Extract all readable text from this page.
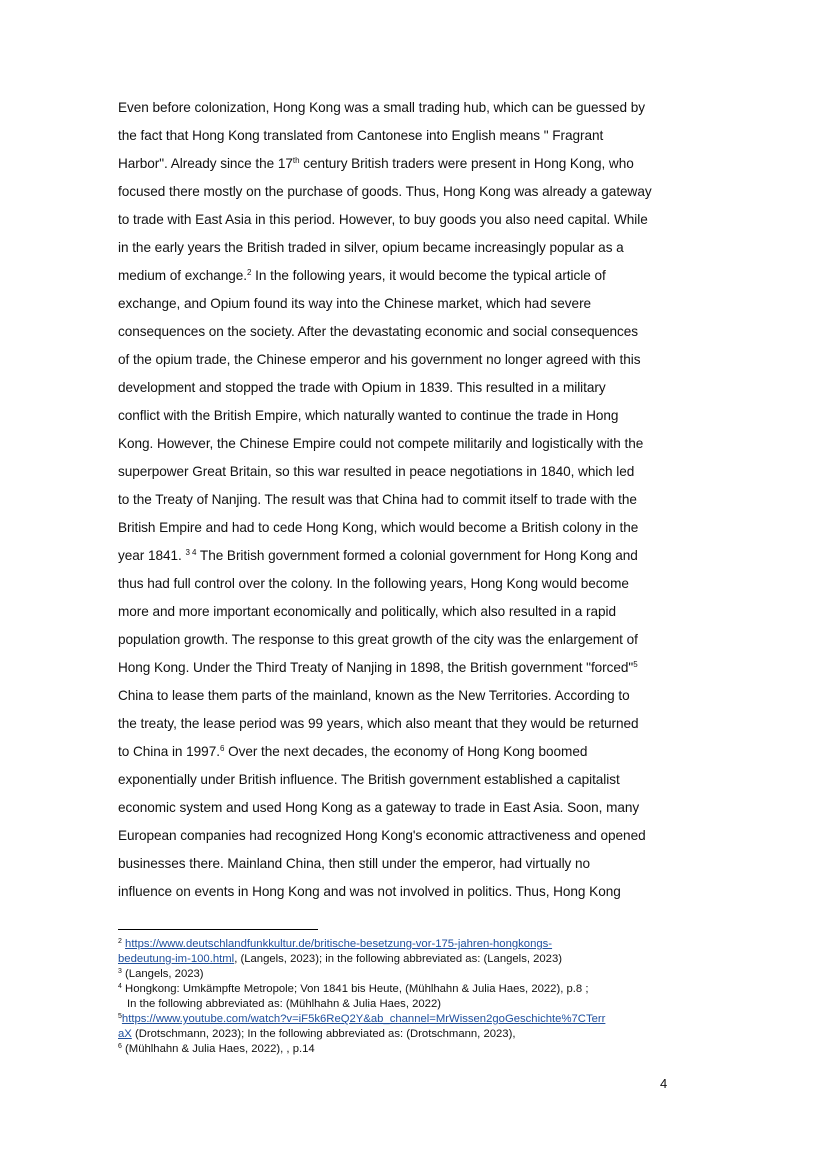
Even before colonization, Hong Kong was a small trading hub, which can be guessed by
the fact that Hong Kong translated from Cantonese into English means " Fragrant
Harbor". Already since the 17th century British traders were present in Hong Kong, who
focused there mostly on the purchase of goods. Thus, Hong Kong was already a gateway
to trade with East Asia in this period. However, to buy goods you also need capital. While
in the early years the British traded in silver, opium became increasingly popular as a
medium of exchange.$^2$ In the following years, it would become the typical article of
exchange, and Opium found its way into the Chinese market, which had severe
consequences on the society. After the devastating economic and social consequences
of the opium trade, the Chinese emperor and his government no longer agreed with this
development and stopped the trade with Opium in 1839. This resulted in a military
conflict with the British Empire, which naturally wanted to continue the trade in Hong
Kong. However, the Chinese Empire could not compete militarily and logistically with the
superpower Great Britain, so this war resulted in peace negotiations in 1840, which led
to the Treaty of Nanjing. The result was that China had to commit itself to trade with the
British Empire and had to cede Hong Kong, which would become a British colony in the
year 1841. $^{3 4}$ The British government formed a colonial government for Hong Kong and
thus had full control over the colony. In the following years, Hong Kong would become
more and more important economically and politically, which also resulted in a rapid
population growth. The response to this great growth of the city was the enlargement of
Hong Kong. Under the Third Treaty of Nanjing in 1898, the British government "forced"$^5$
China to lease them parts of the mainland, known as the New Territories. According to
the treaty, the lease period was 99 years, which also meant that they would be returned
to China in 1997.$^6$ Over the next decades, the economy of Hong Kong boomed
exponentially under British influence. The British government established a capitalist
economic system and used Hong Kong as a gateway to trade in East Asia. Soon, many
European companies had recognized Hong Kong's economic attractiveness and opened
businesses there. Mainland China, then still under the emperor, had virtually no
influence on events in Hong Kong and was not involved in politics. Thus, Hong Kong
$^2$ https://www.deutschlandfunkkultur.de/britische-besetzung-vor-175-jahren-hongkongs-
bedeutung-im-100.html, (Langels, 2023); in the following abbreviated as: (Langels, 2023)
$^3$ (Langels, 2023)
$^4$ Hongkong: Umkämpfte Metropole; Von 1841 bis Heute, (Mühlhahn & Julia Haes, 2022), p.8 ;
In the following abbreviated as: (Mühlhahn & Julia Haes, 2022)
$^5$https://www.youtube.com/watch?v=iF5k6ReQ2Y&ab_channel=MrWissen2goGeschichte%7CTerr
aX (Drotschmann, 2023); In the following abbreviated as: (Drotschmann, 2023),
$^6$ (Mühlhahn & Julia Haes, 2022), , p.14
4
